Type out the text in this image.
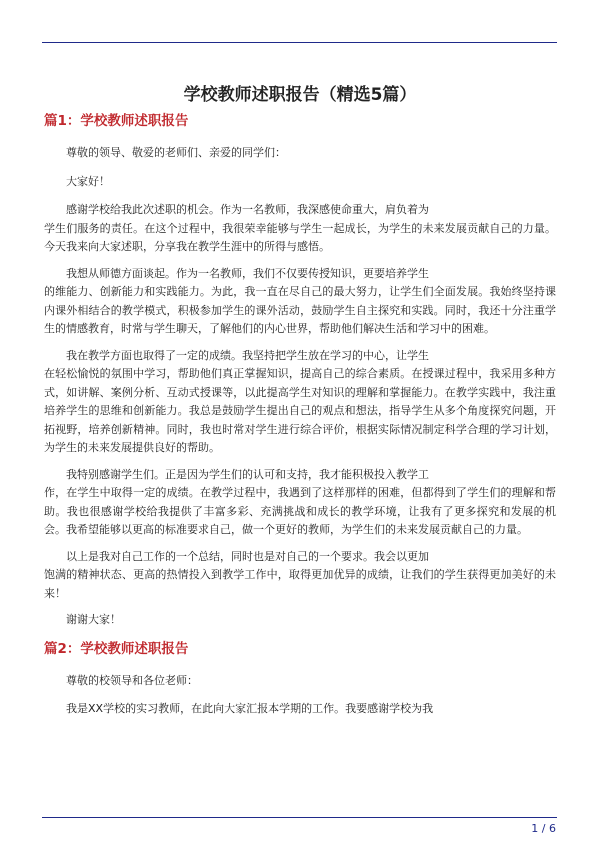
学校教师述职报告（精选5篇）
篇1：学校教师述职报告

尊敬的领导、敬爱的老师们、亲爱的同学们：

大家好！

感谢学校给我此次述职的机会。作为一名教师，我深感使命重大，肩负着为
学生们服务的责任。在这个过程中，我很荣幸能够与学生一起成长，为学生的未来发展贡献自己的力量。今天我来向大家述职，分享我在教学生涯中的所得与感悟。

我想从师德方面谈起。作为一名教师，我们不仅要传授知识，更要培养学生
的维能力、创新能力和实践能力。为此，我一直在尽自己的最大努力，让学生们全面发展。我始终坚持课内课外相结合的教学模式，积极参加学生的课外活动，鼓励学生自主探究和实践。同时，我还十分注重学生的情感教育，时常与学生聊天，了解他们的内心世界，帮助他们解决生活和学习中的困难。

我在教学方面也取得了一定的成绩。我坚持把学生放在学习的中心，让学生
在轻松愉悦的氛围中学习，帮助他们真正掌握知识，提高自己的综合素质。在授课过程中，我采用多种方式，如讲解、案例分析、互动式授课等，以此提高学生对知识的理解和掌握能力。在教学实践中，我注重培养学生的思维和创新能力。我总是鼓励学生提出自己的观点和想法，指导学生从多个角度探究问题，开拓视野，培养创新精神。同时，我也时常对学生进行综合评价，根据实际情况制定科学合理的学习计划，为学生的未来发展提供良好的帮助。

我特别感谢学生们。正是因为学生们的认可和支持，我才能积极投入教学工
作，在学生中取得一定的成绩。在教学过程中，我遇到了这样那样的困难，但都得到了学生们的理解和帮助。我也很感谢学校给我提供了丰富多彩、充满挑战和成长的教学环境，让我有了更多探究和发展的机会。我希望能够以更高的标准要求自己，做一个更好的教师，为学生们的未来发展贡献自己的力量。

以上是我对自己工作的一个总结，同时也是对自己的一个要求。我会以更加
饱满的精神状态、更高的热情投入到教学工作中，取得更加优异的成绩，让我们的学生获得更加美好的未来！

谢谢大家！

篇2：学校教师述职报告

尊敬的校领导和各位老师：

我是XX学校的实习教师，在此向大家汇报本学期的工作。我要感谢学校为我

1 / 6
